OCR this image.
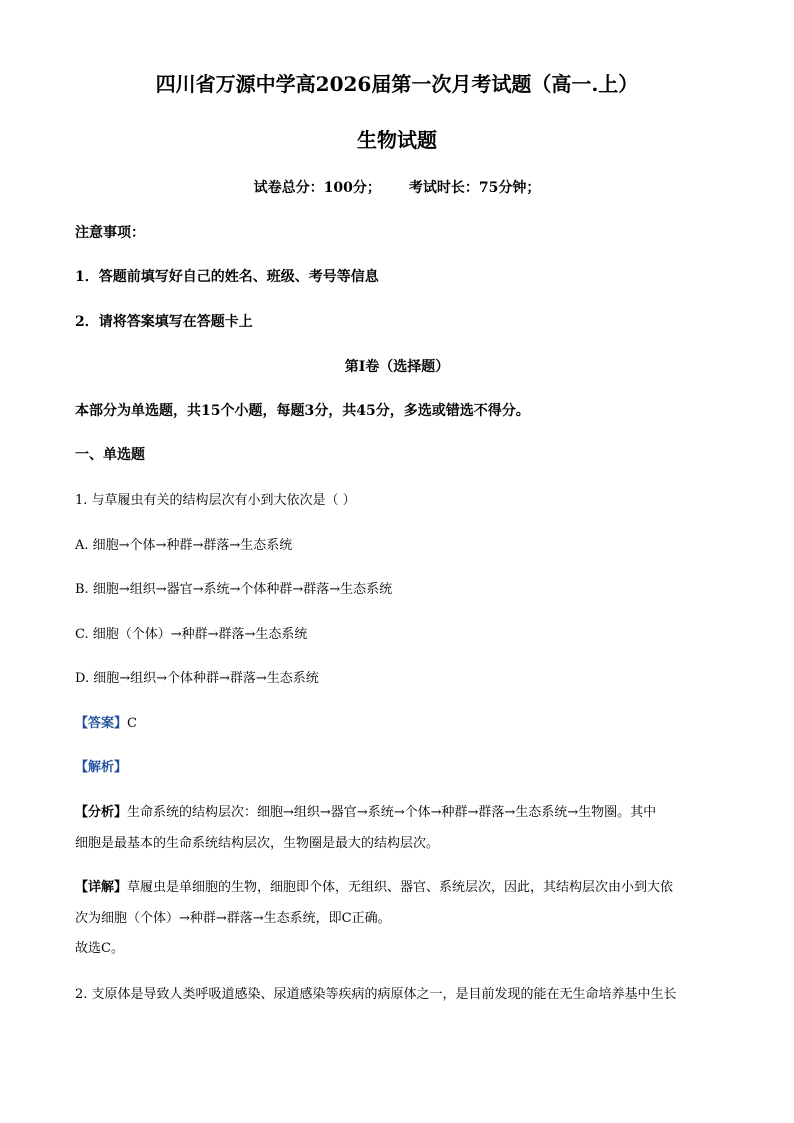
四川省万源中学高2026届第一次月考试题（高一.上）
生物试题
试卷总分：100分； 考试时长：75分钟；
注意事项：
1．答题前填写好自己的姓名、班级、考号等信息
2．请将答案填写在答题卡上
第I卷（选择题）
本部分为单选题，共15个小题，每题3分，共45分，多选或错选不得分。
一、单选题
1. 与草履虫有关的结构层次有小到大依次是（ ）
A. 细胞→个体→种群→群落→生态系统
B. 细胞→组织→器官→系统→个体种群→群落→生态系统
C. 细胞（个体）→种群→群落→生态系统
D. 细胞→组织→个体种群→群落→生态系统
【答案】C
【解析】
【分析】生命系统的结构层次：细胞→组织→器官→系统→个体→种群→群落→生态系统→生物圈。其中
细胞是最基本的生命系统结构层次，生物圈是最大的结构层次。
【详解】草履虫是单细胞的生物，细胞即个体，无组织、器官、系统层次，因此，其结构层次由小到大依
次为细胞（个体）→种群→群落→生态系统，即C正确。
故选C。
2. 支原体是导致人类呼吸道感染、尿道感染等疾病的病原体之一，是目前发现的能在无生命培养基中生长
